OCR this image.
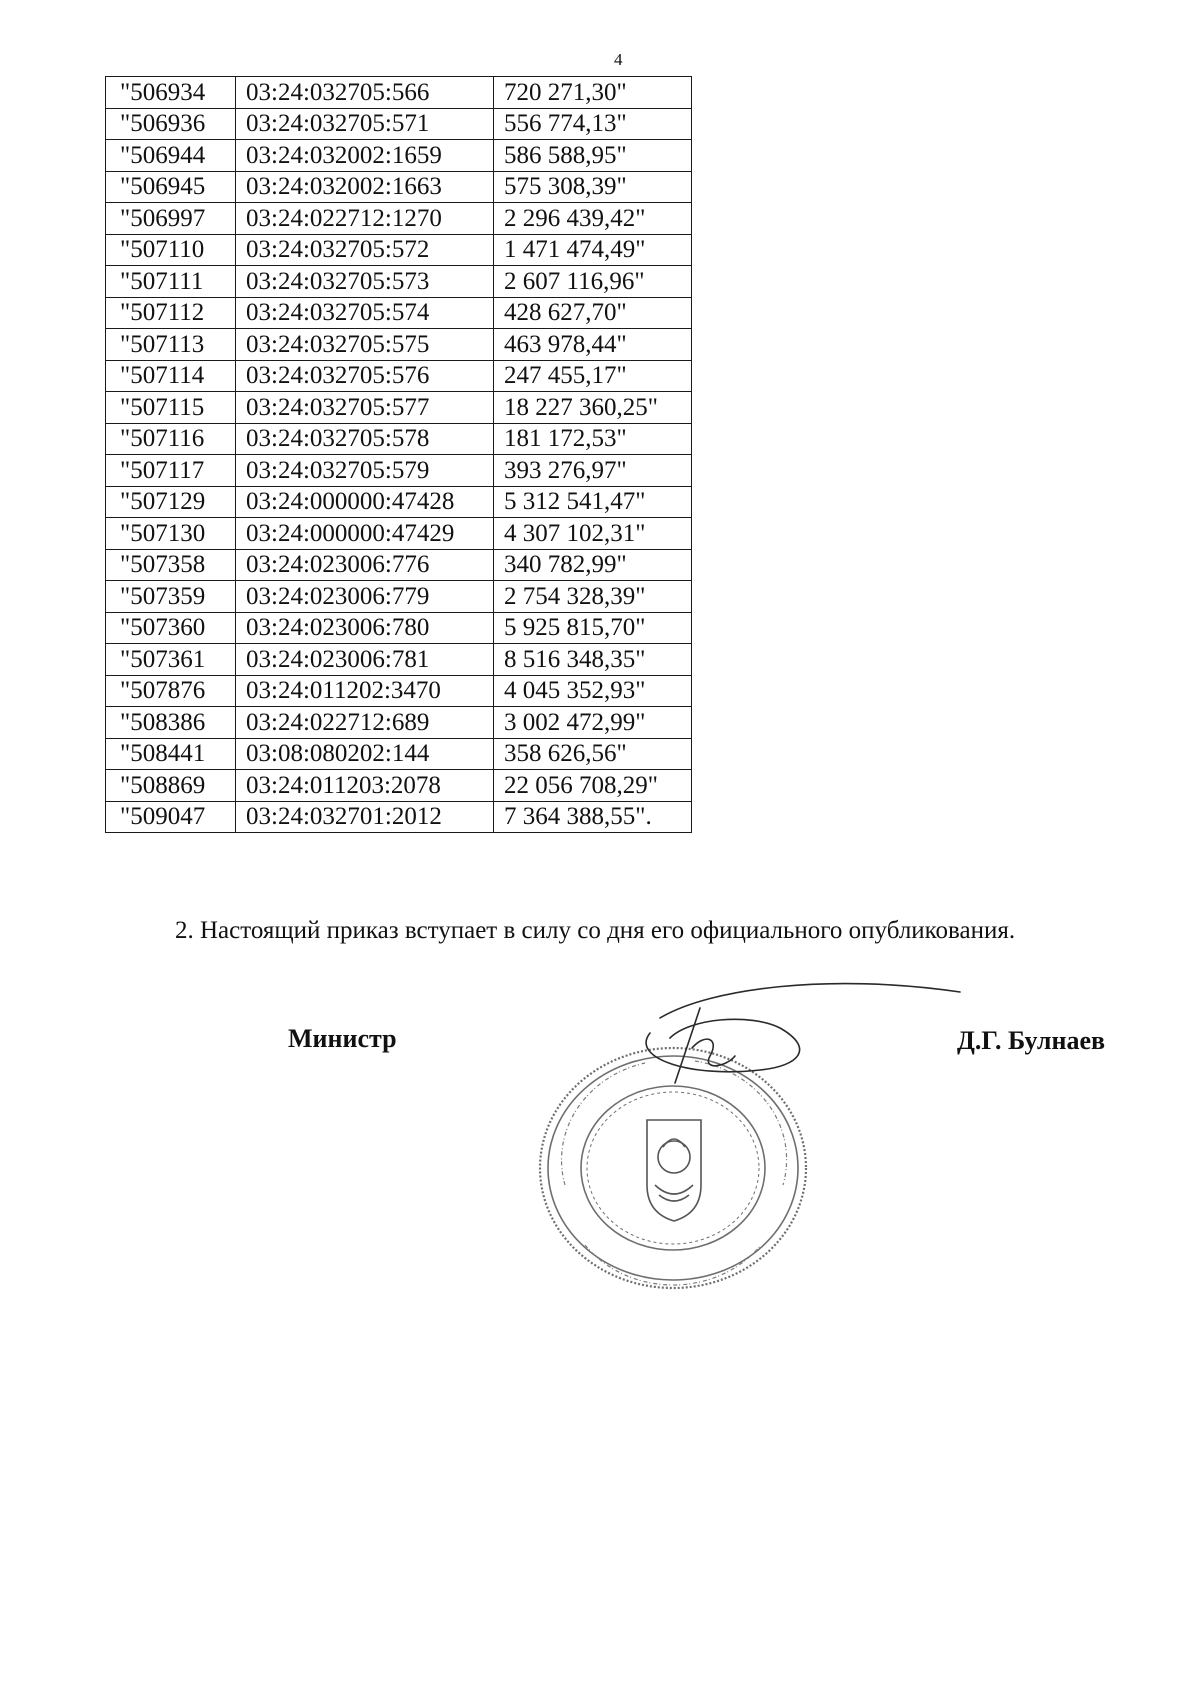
4
"506934	03:24:032705:566	720 271,30"
"506936	03:24:032705:571	556 774,13"
"506944	03:24:032002:1659	586 588,95"
"506945	03:24:032002:1663	575 308,39"
"506997	03:24:022712:1270	2 296 439,42"
"507110	03:24:032705:572	1 471 474,49"
"507111	03:24:032705:573	2 607 116,96"
"507112	03:24:032705:574	428 627,70"
"507113	03:24:032705:575	463 978,44"
"507114	03:24:032705:576	247 455,17"
"507115	03:24:032705:577	18 227 360,25"
"507116	03:24:032705:578	181 172,53"
"507117	03:24:032705:579	393 276,97"
"507129	03:24:000000:47428	5 312 541,47"
"507130	03:24:000000:47429	4 307 102,31"
"507358	03:24:023006:776	340 782,99"
"507359	03:24:023006:779	2 754 328,39"
"507360	03:24:023006:780	5 925 815,70"
"507361	03:24:023006:781	8 516 348,35"
"507876	03:24:011202:3470	4 045 352,93"
"508386	03:24:022712:689	3 002 472,99"
"508441	03:08:080202:144	358 626,56"
"508869	03:24:011203:2078	22 056 708,29"
"509047	03:24:032701:2012	7 364 388,55".
2. Настоящий приказ вступает в силу со дня его официального опубликования.
Министр	Д.Г. Булнаев
